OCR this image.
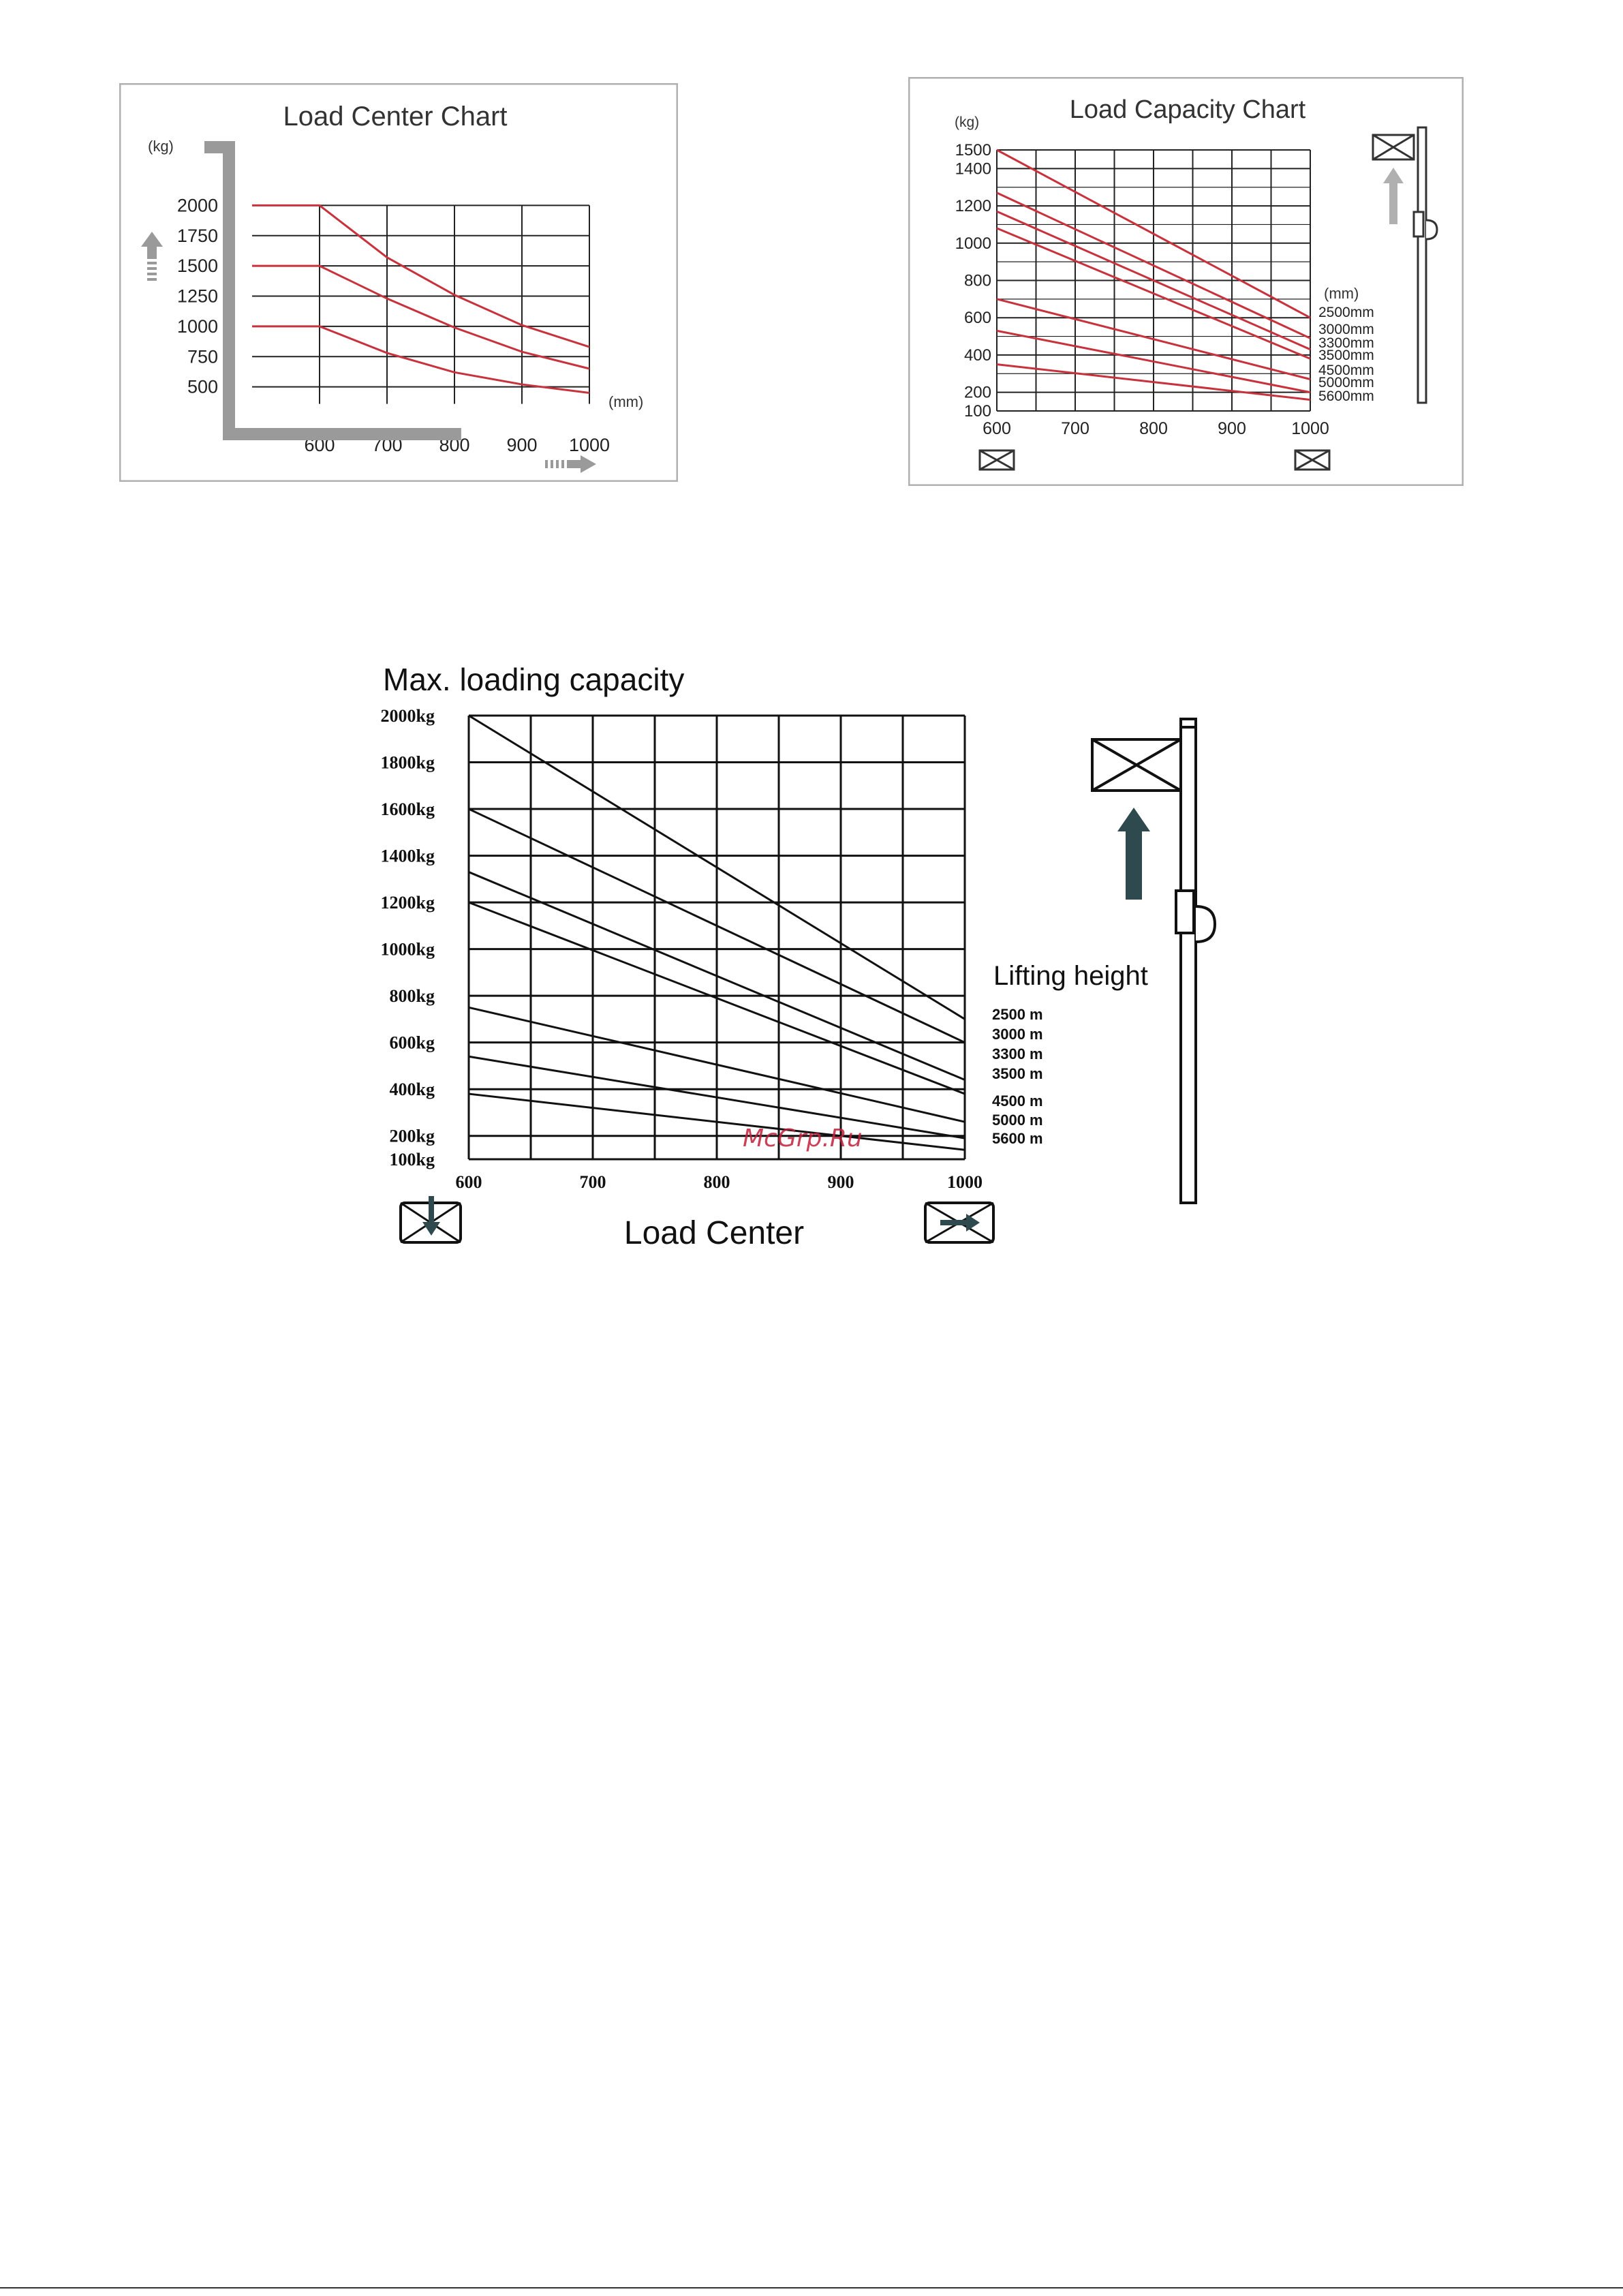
Load Center Chart
(kg)
(mm)
2000
1750
1500
1250
1000
750
500
600 700 800 900 1000
Load Capacity Chart
(kg)
(mm)
1500
1400
1200
1000
800
600
400
200
100
600	700	800	900	1000
2500mm
3000mm
3300mm
3500mm
4500mm
5000mm
5600mm
Max. loading capacity
Load Center
Lifting height
2000kg
1800kg
1600kg
1400kg
1200kg
1000kg
800kg
600kg
400kg
200kg
100kg
600	700	800	900	1000
2500 m
3000 m
3300 m
3500 m
4500 m
5000 m
5600 m
McGrp.Ru
